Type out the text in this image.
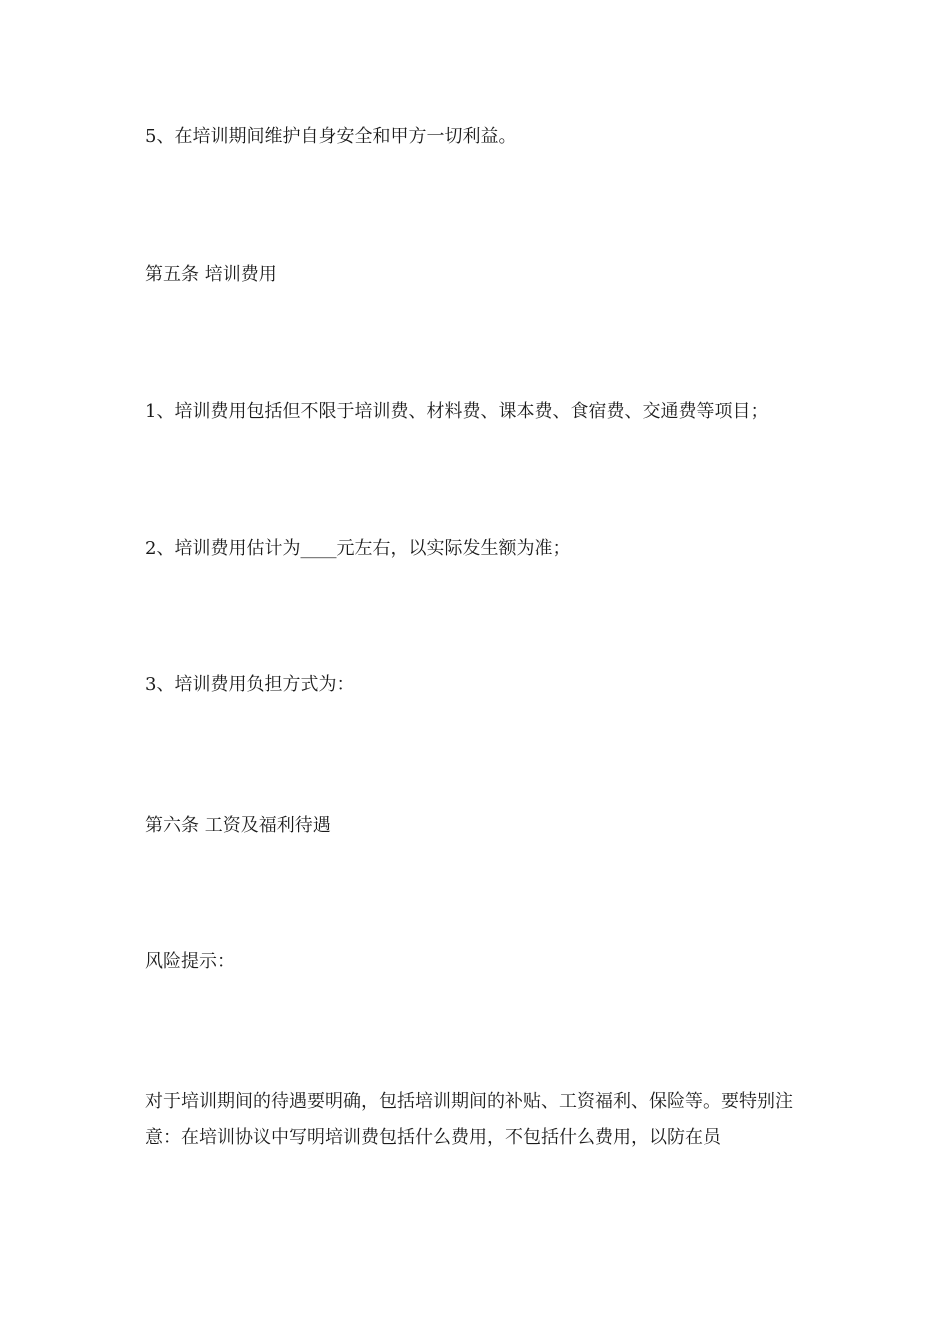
5、在培训期间维护自身安全和甲方一切利益。
第五条 培训费用
1、培训费用包括但不限于培训费、材料费、课本费、食宿费、交通费等项目；
2、培训费用估计为____元左右，以实际发生额为准；
3、培训费用负担方式为：
第六条 工资及福利待遇
风险提示：
对于培训期间的待遇要明确，包括培训期间的补贴、工资福利、保险等。要特别注意：在培训协议中写明培训费包括什么费用，不包括什么费用，以防在员
